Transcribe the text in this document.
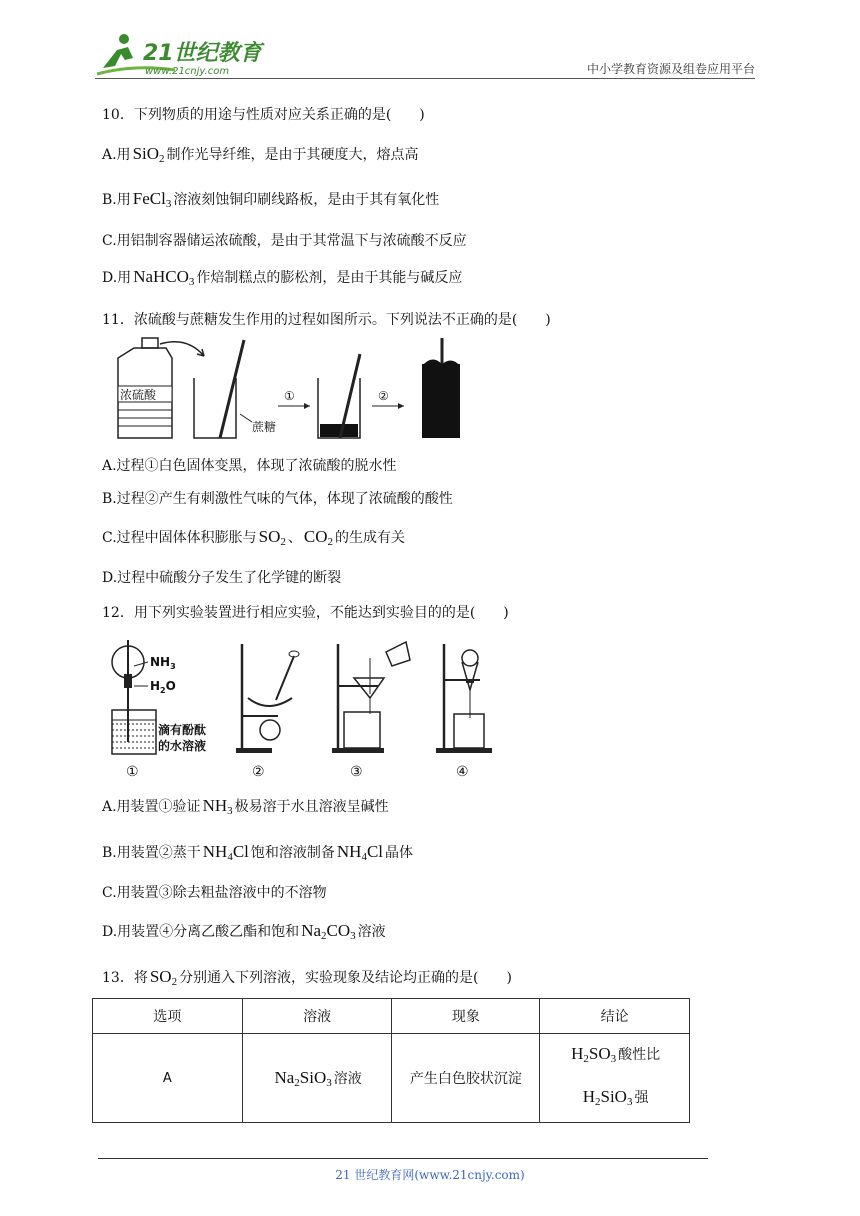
21世纪教育
www.21cnjy.com	中小学教育资源及组卷应用平台
10．下列物质的用途与性质对应关系正确的是(　　)
A.用 SiO$_2$ 制作光导纤维，是由于其硬度大，熔点高
B.用 FeCl$_3$ 溶液刻蚀铜印刷线路板，是由于其有氧化性
C.用铝制容器储运浓硫酸，是由于其常温下与浓硫酸不反应
D.用 NaHCO$_3$ 作焙制糕点的膨松剂，是由于其能与碱反应
11．浓硫酸与蔗糖发生作用的过程如图所示。下列说法不正确的是(　　)
浓硫酸
蔗糖
①	②
A.过程①白色固体变黑，体现了浓硫酸的脱水性
B.过程②产生有刺激性气味的气体，体现了浓硫酸的酸性
C.过程中固体体积膨胀与 $SO_2$ 、 $CO_2$ 的生成有关
D.过程中硫酸分子发生了化学键的断裂
12．用下列实验装置进行相应实验，不能达到实验目的的是(　　)
$NH_3$
$H_2O$
滴有酚酞
的水溶液
①	②	③	④
A.用装置①验证 $NH_3$ 极易溶于水且溶液呈碱性
B.用装置②蒸干 $NH_4Cl$ 饱和溶液制备 $NH_4Cl$ 晶体
C.用装置③除去粗盐溶液中的不溶物
D.用装置④分离乙酸乙酯和饱和 $Na_2CO_3$ 溶液
13．将 $SO_2$ 分别通入下列溶液，实验现象及结论均正确的是(　　)
选项	溶液	现象	结论
A	$Na_2SiO_3$ 溶液	产生白色胶状沉淀	$H_2SO_3$ 酸性比
$H_2SiO_3$ 强
21 世纪教育网(www.21cnjy.com)
